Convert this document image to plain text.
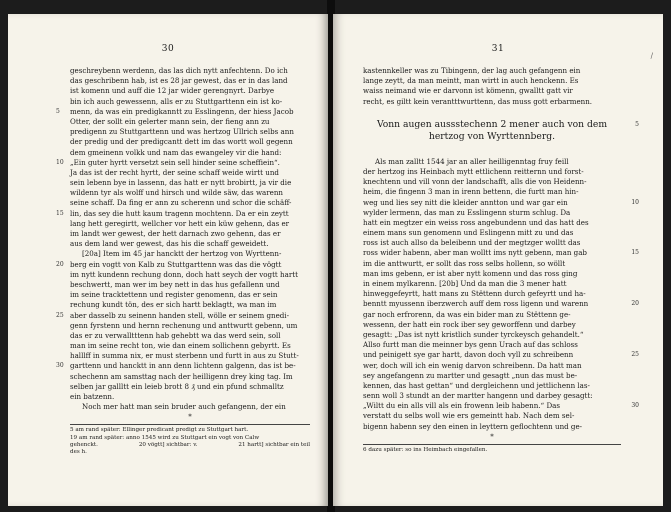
30
geschreybenn werdenn, das las dich nytt anfechtenn. Do ich
das geschribenn hab, ist es 28 jar gewest, das er in das land
ist komenn und auff die 12 jar wider gerengnyrt. Darbye
bin ich auch gewessenn, alls er zu Stuttgarttenn ein ist ko-
menn, da was ein predigkanntt zu Esslingenn, der hiess Jacob
5
Otter, der sollt ein gelerter mann sein, der fieng ann zu
predigenn zu Stuttgarttenn und was hertzog Ullrich selbs ann
der predig und der predigcantt dett im das wortt woll gegenn
dem gmeinenn volkk und nam das ewangeley vir die hand:
„Ein guter hyrtt versetzt sein sell hinder seine scheffiein“.
10
Ja das ist der recht hyrtt, der seine schaff weide wirtt und
sein lebenn bye in lassenn, das hatt er nytt brobirtt, ja vir die
wildenn tyr als wolff und hirsch und wilde säw, das warenn
seine schaff. Da fing er ann zu scherenn und schor die schäff-
lin, das sey die hutt kaum tragenn mochtenn. Da er ein zeytt
15
lang hett geregirtt, wellcher vor hett ein küw gehenn, das er
im landt wer gewest, der hett darnach zwo gehenn, das er
aus dem land wer gewest, das his die schaff geweidett.
[20a] Item im 45 jar hancktt der hertzog von Wyrttenn-
berg ein vogtt von Kalb zu Stuttgarttenn was das die vögtt
20
im nytt kundenn rechung donn, doch hatt seych der vogtt hartt
beschwertt, man wer im bey nett in das hus gefallenn und
im seine tracktettenn und register genomenn, das er sein
rechung kundt tön, des er sich hartt beklagtt, wa man im
aber dasselb zu seinenn handen stell, wölle er seinem gnedi-
25
genn fyrstenn und hernn rechenung und anttwurtt gebenn, um
das er zu verwalltttenn hab gehebtt wa das werd sein, soll
man im seine recht ton, wie dan einem sollichenn gebyrtt. Es
halllff in summa nix, er must sterbenn und furtt in aus zu Stutt-
garttenn und hancktt in ann denn lichtenn galgenn, das ist be-
30
schechenn am samsttag nach der heilligenn drey king tag. Im
selben jar gallltt ein leieb brott 8 ₰ und ein pfund schmalltz
ein batzenn.
Noch mer hatt man sein bruder auch gefangenn, der ein
*
5 am rand später: Ellinger predicant predigt zu Stuttgart hart.
19 am rand später: anno 1545 wird zu Stuttgart ein vogt von Calw
gehenckt.	20 vögtt] sichtbar: v.	21 hartt] sichtbar ein teil
des h.
31
/
kastennkeller was zu Tibingenn, der lag auch gefangenn ein
lange zeytt, da man meintt, man wirtt in auch henckenn. Es
waiss neimand wie er darvonn ist kömenn, gwalltt gatt vir
recht, es giltt kein verantttwurttenn, das muss gott erbarmenn.
Vonn augen aussstechenn 2 mener auch von dem	5
hertzog von Wyrttennberg.
Als man zalltt 1544 jar an aller heilligenntag fruy feill
der hertzog ins Heinbach mytt ettlichenn reitternn und forst-
knechtenn und vill vonn der landschafft, alls die von Heidenn-
heim, die fingenn 3 man in irenn bettenn, die furtt man hin-
weg und lies sey nitt die kleider anntton und war gar ein	10
wylder lermenn, das man zu Esslingenn sturm schlug. Da
hatt ein megtzer ein weiss ross angebundenn und das hatt des
einem mans sun genomenn und Eslingenn mitt zu und das
ross ist auch allso da beleibenn und der megtzger wolltt das
ross wider habenn, aber man wolltt ims nytt gebenn, man gab	15
im die anttwurtt, er sollt das ross selbs hollenn, so wöllt
man ims gebenn, er ist aber nytt komenn und das ross ging
in einem mylkarenn. [20b] Und da man die 3 mener hatt
hinweggefeyrtt, hatt mans zu Stëttenn durch gefeyrtt und ha-
benntt myussenn iberzwerch auff dem ross ligenn und warenn	20
gar noch erfrorenn, da was ein bider man zu Stëttenn ge-
wessenn, der hatt ein rock iber sey geworffenn und darbey
gesagtt: „Das ist nytt kristlich sunder tyrckeysch gehandelt.“
Allso furtt man die meinner bys genn Urach auf das schloss
und peinigett sye gar hartt, davon doch vyll zu schreibenn	25
wer, doch will ich ein wenig darvon schreibenn. Da hatt man
sey angefangenn zu martter und gesagtt „nun das must be-
kennen, das hast gettan“ und dergleichenn und jettlichenn las-
senn woll 3 stundt an der martter hangenn und darbey gesagtt:
„Wiltt du ein alls vill als ein frowenn leib habenn.“ Das	30
verstatt du selbs woll wie ers gemeintt hab. Nach dem sel-
bigenn habenn sey den einen in leyttern geflochtenn und ge-
*
6 dazu später: so ins Heimbach eingefallen.
